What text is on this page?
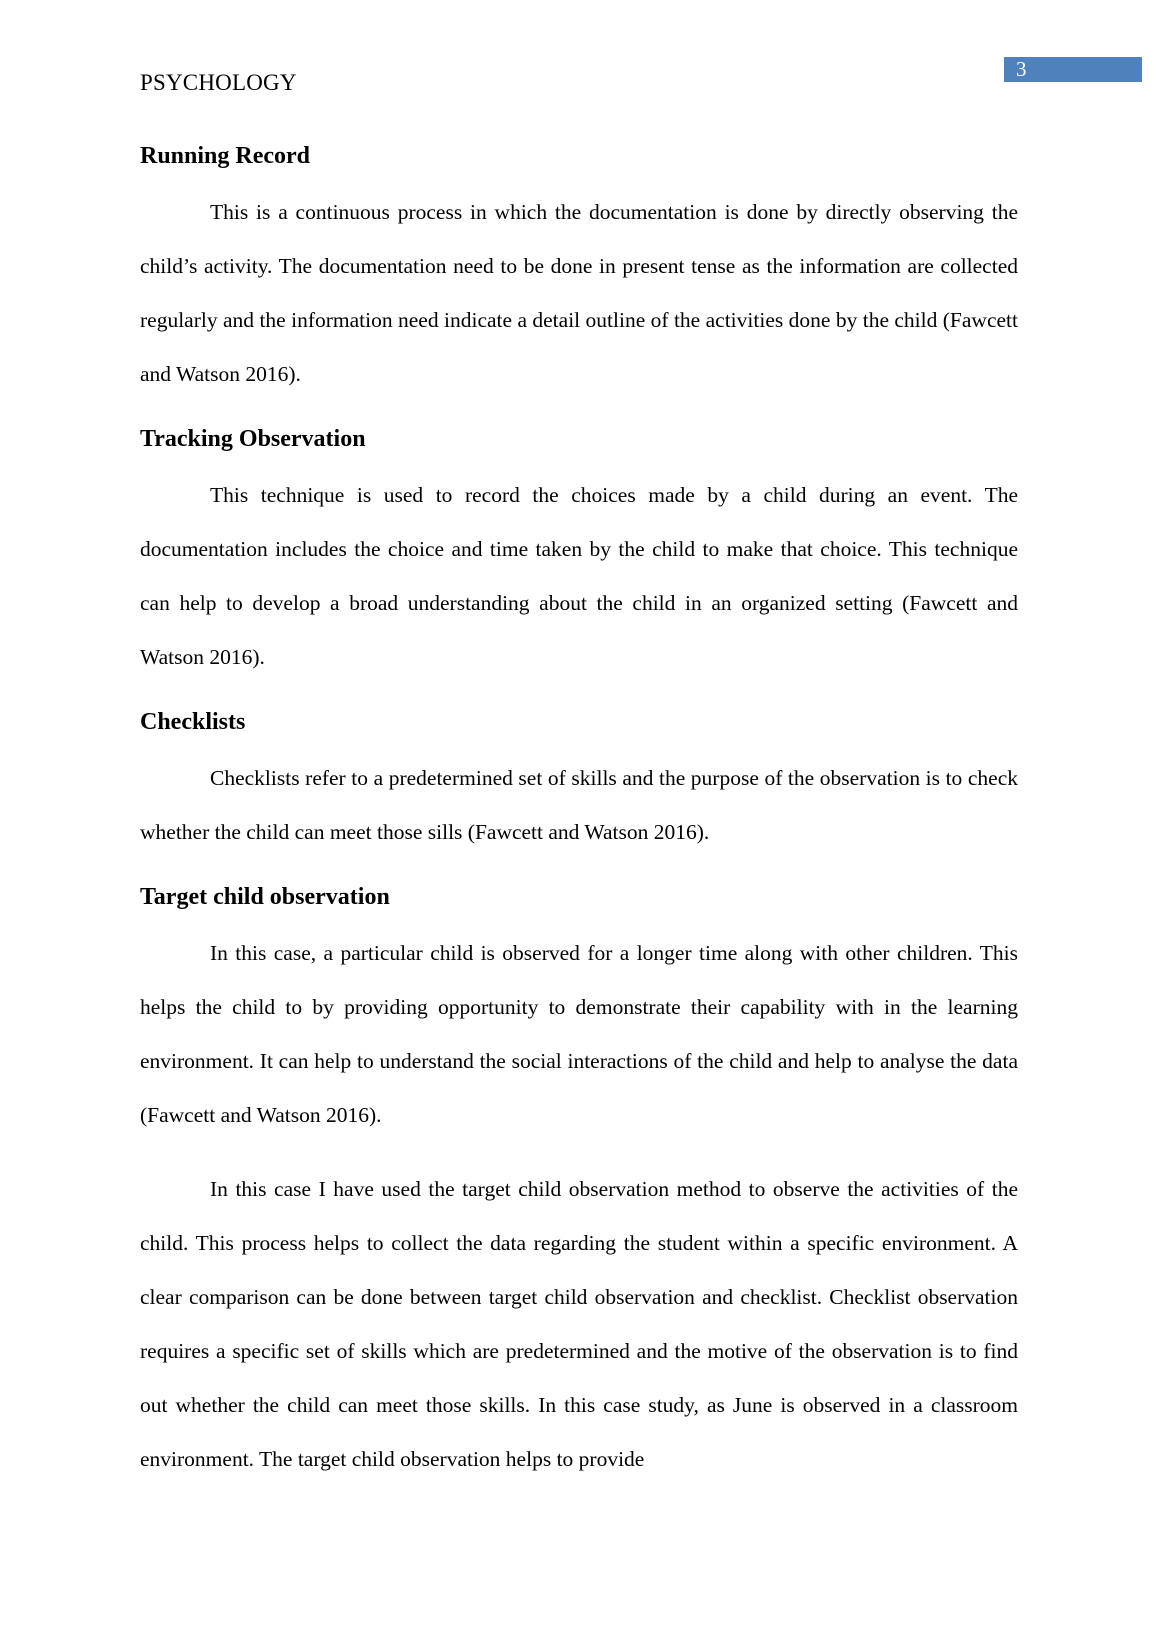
PSYCHOLOGY
3
Running Record

This is a continuous process in which the documentation is done by directly observing the child’s activity. The documentation need to be done in present tense as the information are collected regularly and the information need indicate a detail outline of the activities done by the child (Fawcett and Watson 2016).

Tracking Observation

This technique is used to record the choices made by a child during an event. The documentation includes the choice and time taken by the child to make that choice. This technique can help to develop a broad understanding about the child in an organized setting (Fawcett and Watson 2016).

Checklists

Checklists refer to a predetermined set of skills and the purpose of the observation is to check whether the child can meet those sills (Fawcett and Watson 2016).

Target child observation

In this case, a particular child is observed for a longer time along with other children. This helps the child to by providing opportunity to demonstrate their capability with in the learning environment. It can help to understand the social interactions of the child and help to analyse the data (Fawcett and Watson 2016).

In this case I have used the target child observation method to observe the activities of the child. This process helps to collect the data regarding the student within a specific environment. A clear comparison can be done between target child observation and checklist. Checklist observation requires a specific set of skills which are predetermined and the motive of the observation is to find out whether the child can meet those skills. In this case study, as June is observed in a classroom environment. The target child observation helps to provide
